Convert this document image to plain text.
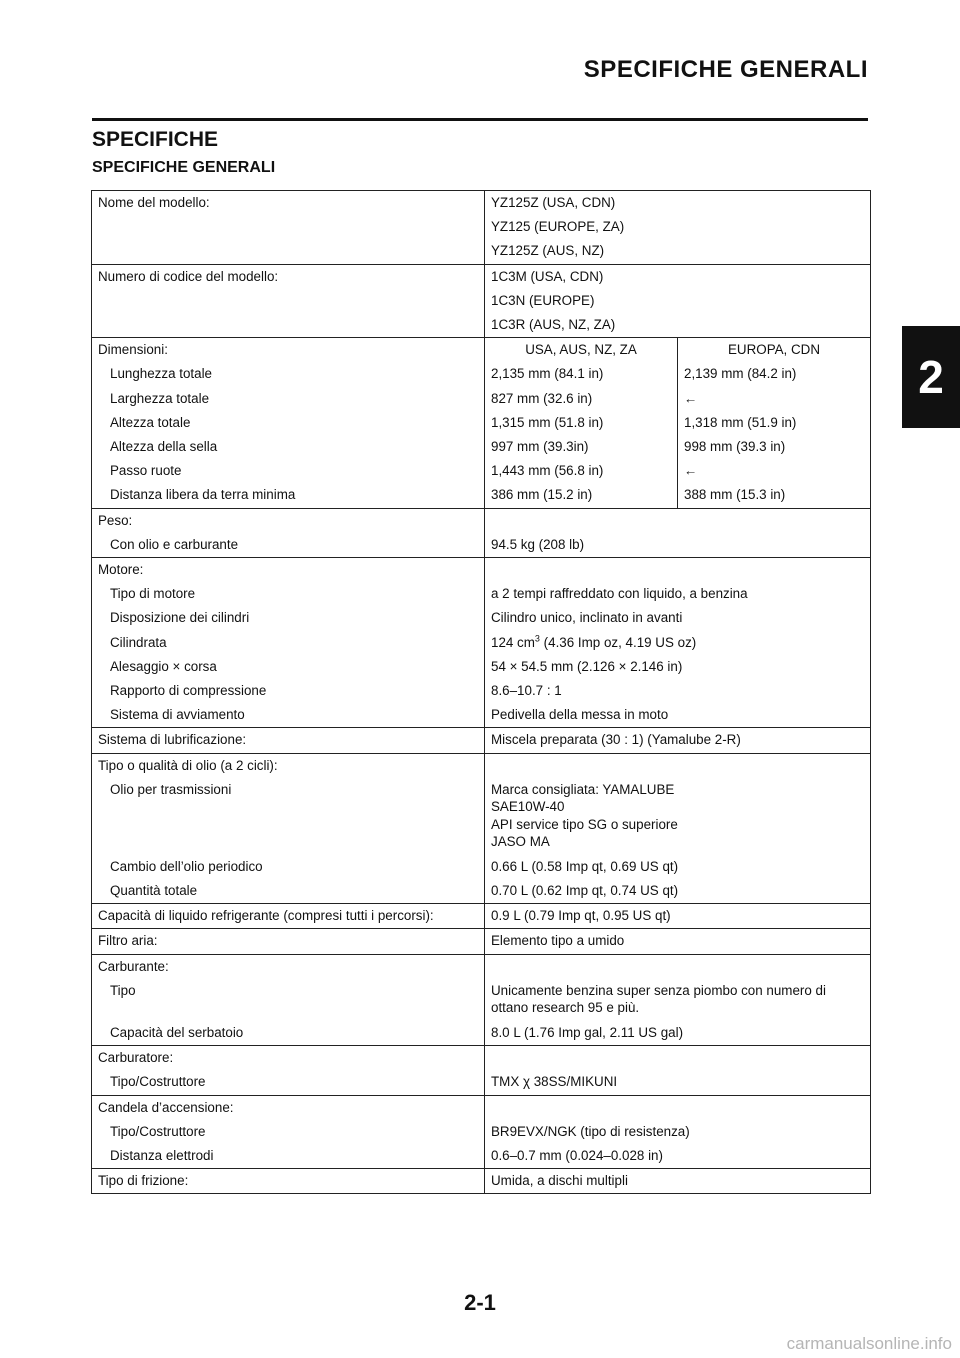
SPECIFICHE GENERALI
SPECIFICHE
SPECIFICHE GENERALI
2
Nome del modello:	YZ125Z (USA, CDN)	
	YZ125 (EUROPE, ZA)	
	YZ125Z (AUS, NZ)	
Numero di codice del modello:	1C3M (USA, CDN)	
	1C3N (EUROPE)	
	1C3R (AUS, NZ, ZA)	
Dimensioni:	USA, AUS, NZ, ZA	EUROPA, CDN
Lunghezza totale	2,135 mm (84.1 in)	2,139 mm (84.2 in)
Larghezza totale	827 mm (32.6 in)	←
Altezza totale	1,315 mm (51.8 in)	1,318 mm (51.9 in)
Altezza della sella	997 mm (39.3in)	998 mm (39.3 in)
Passo ruote	1,443 mm (56.8 in)	←
Distanza libera da terra minima	386 mm (15.2 in)	388 mm (15.3 in)
Peso:		
Con olio e carburante	94.5 kg (208 lb)	
Motore:		
Tipo di motore	a 2 tempi raffreddato con liquido, a benzina	
Disposizione dei cilindri	Cilindro unico, inclinato in avanti	
Cilindrata	124 $cm^3$ (4.36 Imp oz, 4.19 US oz)	
Alesaggio × corsa	54 × 54.5 mm (2.126 × 2.146 in)	
Rapporto di compressione	8.6–10.7 : 1	
Sistema di avviamento	Pedivella della messa in moto	
Sistema di lubrificazione:	Miscela preparata (30 : 1) (Yamalube 2-R)	
Tipo o qualità di olio (a 2 cicli):		
Olio per trasmissioni	Marca consigliata: YAMALUBE
SAE10W-40
API service tipo SG o superiore
JASO MA	

Cambio dell’olio periodico	0.66 L (0.58 Imp qt, 0.69 US qt)	
Quantità totale	0.70 L (0.62 Imp qt, 0.74 US qt)	
Capacità di liquido refrigerante (compresi tutti i percorsi):	0.9 L (0.79 Imp qt, 0.95 US qt)	
Filtro aria:	Elemento tipo a umido	
Carburante:		
Tipo	Unicamente benzina super senza piombo con numero di
ottano research 95 e più.	

Capacità del serbatoio	8.0 L (1.76 Imp gal, 2.11 US gal)	
Carburatore:		
Tipo/Costruttore	TMX χ 38SS/MIKUNI	
Candela d’accensione:		
Tipo/Costruttore	BR9EVX/NGK (tipo di resistenza)	
Distanza elettrodi	0.6–0.7 mm (0.024–0.028 in)	
Tipo di frizione:	Umida, a dischi multipli	
2-1
carmanualsonline.info
